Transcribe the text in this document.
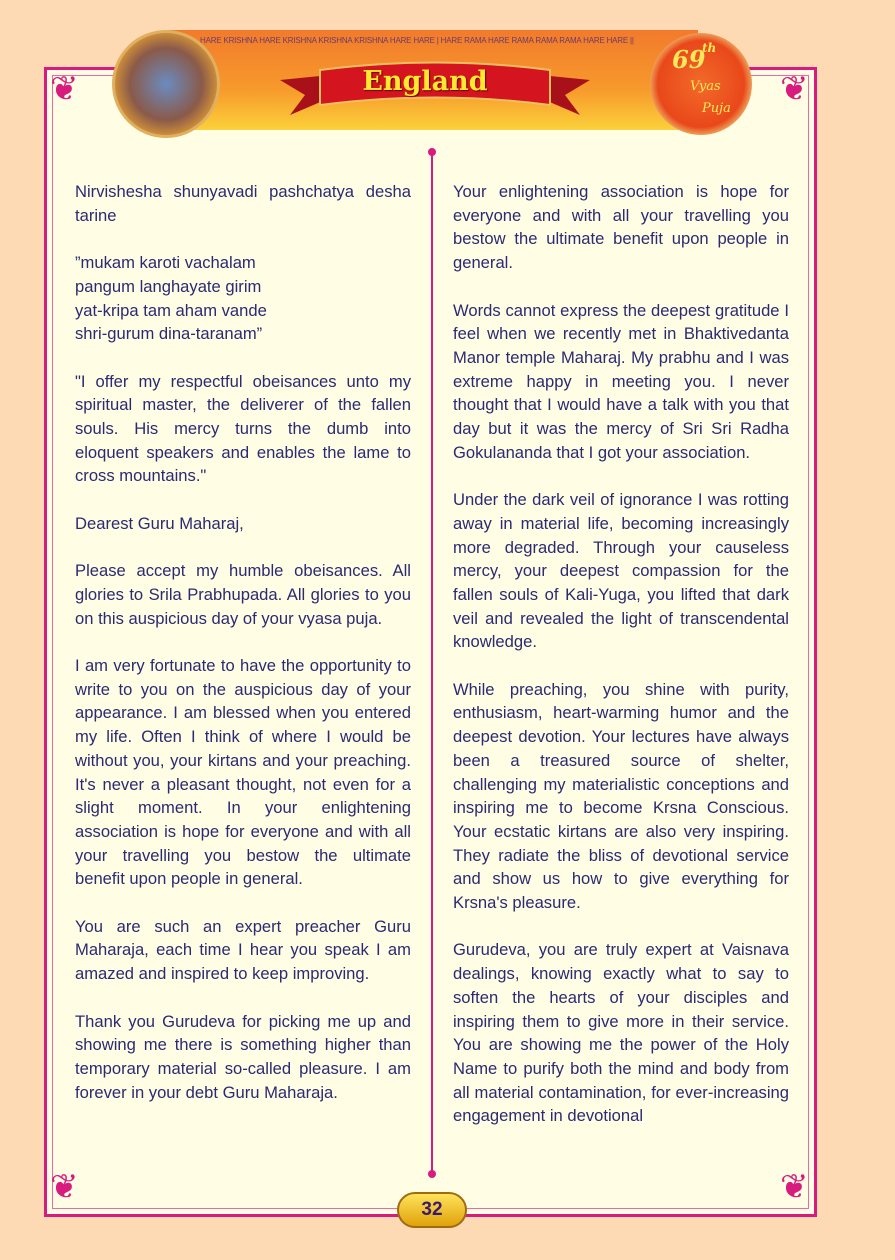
❦	❦
❦	❦
HARE KRISHNA HARE KRISHNA KRISHNA KRISHNA HARE HARE | HARE RAMA HARE RAMA RAMA RAMA HARE HARE ||
England
69
th
Vyas
Puja

Nirvishesha shunyavadi pashchatya desha tarine

”mukam karoti vachalam
pangum langhayate girim
yat-kripa tam aham vande
shri-gurum dina-taranam”

"I offer my respectful obeisances unto my spiritual master, the deliverer of the fallen souls. His mercy turns the dumb into eloquent speakers and enables the lame to cross mountains."

Dearest Guru Maharaj,

Please accept my humble obeisances. All glories to Srila Prabhupada. All glories to you on this auspicious day of your vyasa puja.

I am very fortunate to have the opportunity to write to you on the auspicious day of your appearance. I am blessed when you entered my life. Often I think of where I would be without you, your kirtans and your preaching. It's never a pleasant thought, not even for a slight moment. In your enlightening association is hope for everyone and with all your travelling you bestow the ultimate benefit upon people in general.

You are such an expert preacher Guru Maharaja, each time I hear you speak I am amazed and inspired to keep improving.

Thank you Gurudeva for picking me up and showing me there is something higher than temporary material so-called pleasure. I am forever in your debt Guru Maharaja.

Your enlightening association is hope for everyone and with all your travelling you bestow the ultimate benefit upon people in general.

Words cannot express the deepest gratitude I feel when we recently met in Bhaktivedanta Manor temple Maharaj. My prabhu and I was extreme happy in meeting you. I never thought that I would have a talk with you that day but it was the mercy of Sri Sri Radha Gokulananda that I got your association.

Under the dark veil of ignorance I was rotting away in material life, becoming increasingly more degraded. Through your causeless mercy, your deepest compassion for the fallen souls of Kali-Yuga, you lifted that dark veil and revealed the light of transcendental knowledge.

While preaching, you shine with purity, enthusiasm, heart-warming humor and the deepest devotion. Your lectures have always been a treasured source of shelter, challenging my materialistic conceptions and inspiring me to become Krsna Conscious. Your ecstatic kirtans are also very inspiring. They radiate the bliss of devotional service and show us how to give everything for Krsna's pleasure.

Gurudeva, you are truly expert at Vaisnava dealings, knowing exactly what to say to soften the hearts of your disciples and inspiring them to give more in their service. You are showing me the power of the Holy Name to purify both the mind and body from all material contamination, for ever-increasing engagement in devotional

32
